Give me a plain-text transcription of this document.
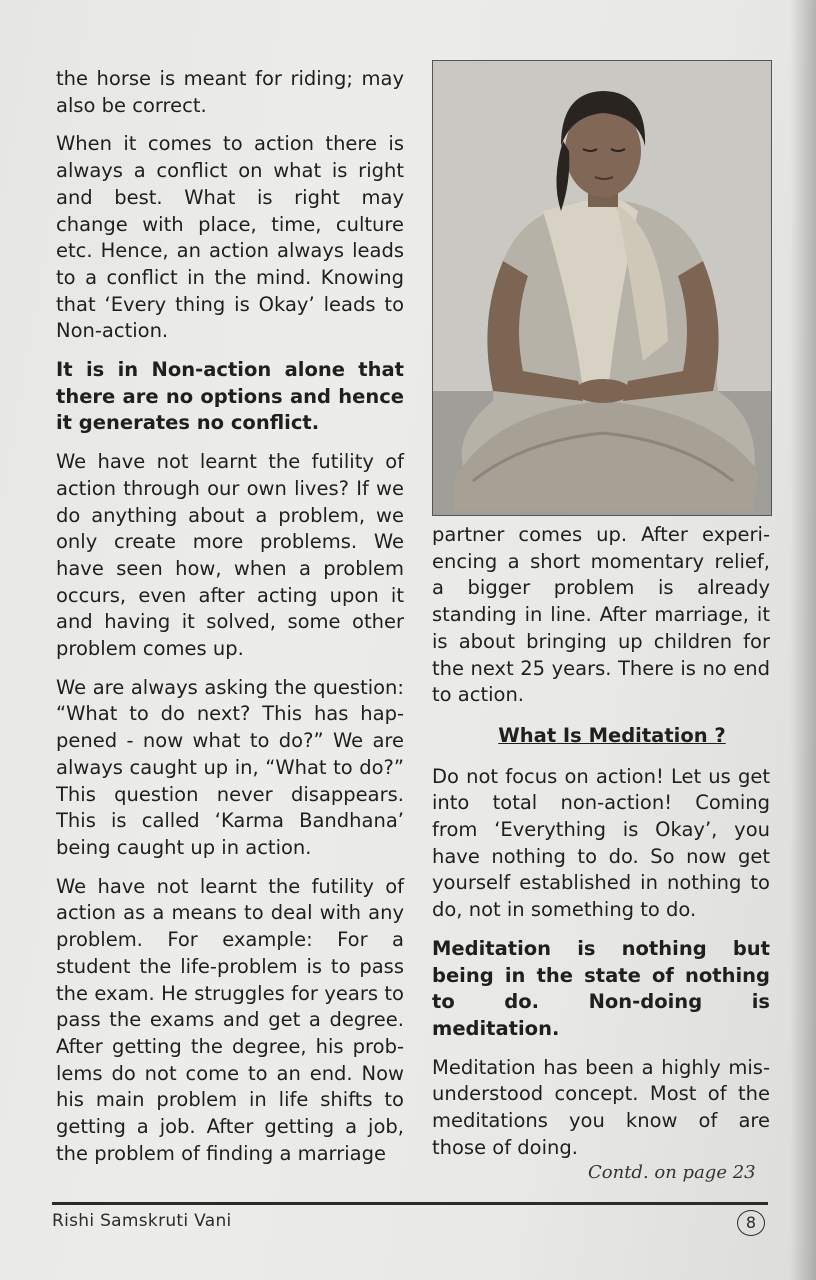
the horse is meant for riding; may also be correct.

When it comes to action there is always a conflict on what is right and best. What is right may change with place, time, culture etc. Hence, an action always leads to a conflict in the mind. Knowing that ‘Every thing is Okay’ leads to Non-action.

It is in Non-action alone that there are no options and hence it generates no conflict.

We have not learnt the futility of action through our own lives? If we do anything about a problem, we only create more problems. We have seen how, when a problem occurs, even after acting upon it and having it solved, some other problem comes up.

We are always asking the question: “What to do next? This has hap-pened - now what to do?” We are always caught up in, “What to do?” This question never disappears. This is called ‘Karma Bandhana’ being caught up in action.

We have not learnt the futility of action as a means to deal with any problem. For example: For a student the life-problem is to pass the exam. He struggles for years to pass the exams and get a degree. After getting the degree, his prob-lems do not come to an end. Now his main problem in life shifts to getting a job. After getting a job, the problem of finding a marriage

partner comes up. After experi-encing a short momentary relief, a bigger problem is already standing in line. After marriage, it is about bringing up children for the next 25 years. There is no end to action.

What Is Meditation ?

Do not focus on action! Let us get into total non-action! Coming from ‘Everything is Okay’, you have nothing to do. So now get yourself established in nothing to do, not in something to do.

Meditation is nothing but being in the state of nothing to do. Non-doing is meditation.

Meditation has been a highly mis-understood concept. Most of the meditations you know of are those of doing.

Contd. on page 23
Rishi Samskruti Vani	8
